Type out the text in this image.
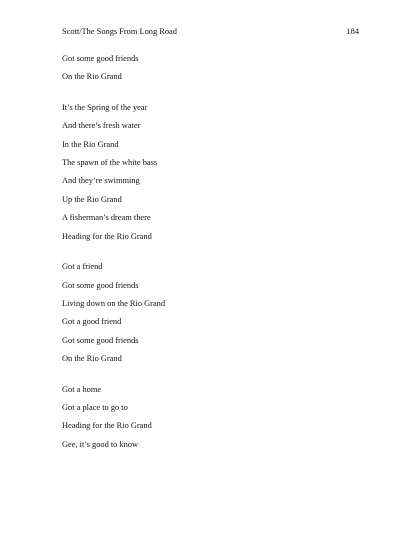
Scott/The Songs From Long Road	184
Got some good friends
On the Rio Grand
It’s the Spring of the year
And there’s fresh water
In the Rio Grand
The spawn of the white bass
And they’re swimming
Up the Rio Grand
A fisherman’s dream there
Heading for the Rio Grand
Got a friend
Got some good friends
Living down on the Rio Grand
Got a good friend
Got some good friends
On the Rio Grand
Got a home
Got a place to go to
Heading for the Rio Grand
Gee, it’s good to know
